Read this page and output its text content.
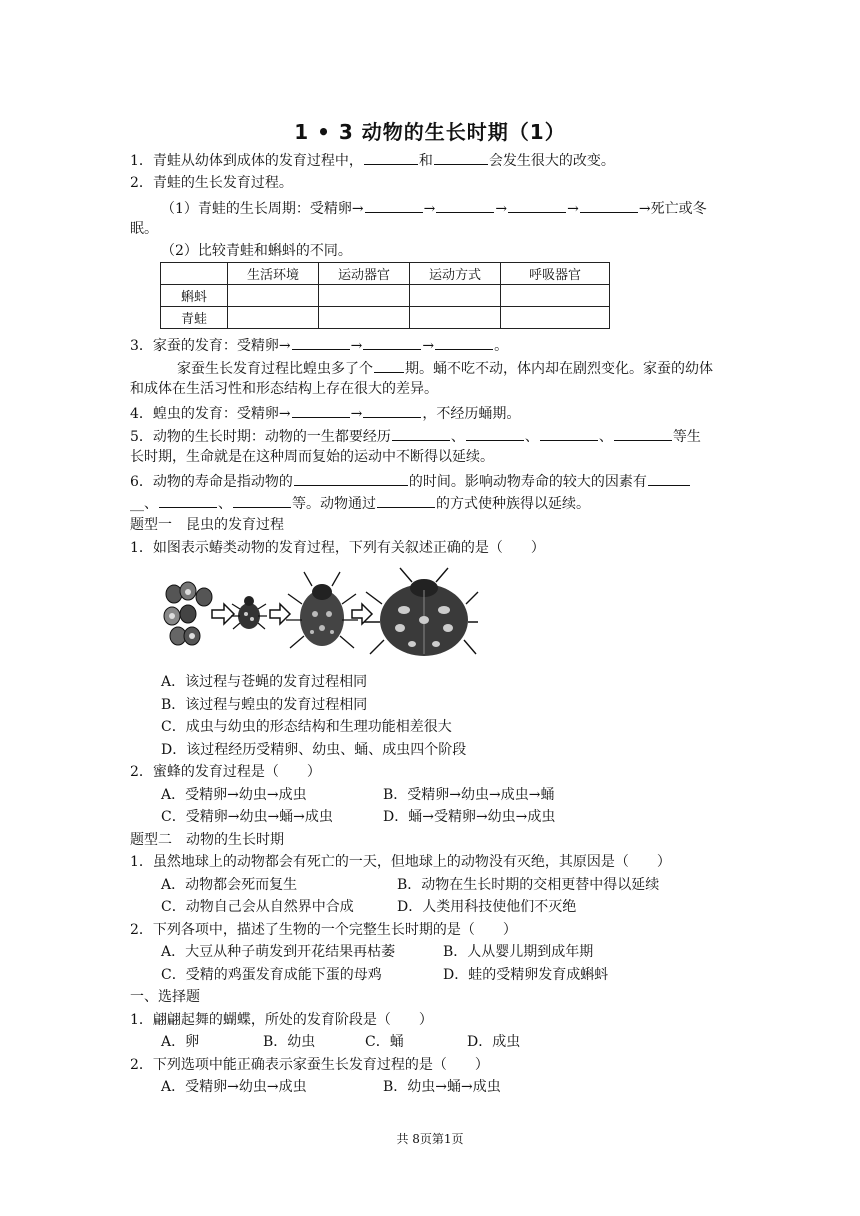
1 • 3 动物的生长时期（1）
1．青蛙从幼体到成体的发育过程中，	和	会发生很大的改变。
2．青蛙的生长发育过程。
（1）青蛙的生长周期：受精卵→	→	→	→	→死亡或冬
眠。
（2）比较青蛙和蝌蚪的不同。
	生活环境	运动器官	运动方式	呼吸器官
蝌蚪				
青蛙				
3．家蚕的发育：受精卵→	→	→	。
家蚕生长发育过程比蝗虫多了个 期。蛹不吃不动，体内却在剧烈变化。家蚕的幼体
和成体在生活习性和形态结构上存在很大的差异。
4．蝗虫的发育：受精卵→	→	，不经历蛹期。
5．动物的生长时期：动物的一生都要经历	、	、	、	等生
长时期，生命就是在这种周而复始的运动中不断得以延续。
6．动物的寿命是指动物的	的时间。影响动物寿命的较大的因素有
__、	、	等。动物通过	的方式使种族得以延续。
题型一　昆虫的发育过程
1．如图表示蝽类动物的发育过程，下列有关叙述正确的是（　　）
A．该过程与苍蝇的发育过程相同
B．该过程与蝗虫的发育过程相同
C．成虫与幼虫的形态结构和生理功能相差很大
D．该过程经历受精卵、幼虫、蛹、成虫四个阶段
2．蜜蜂的发育过程是（　　）
A．受精卵→幼虫→成虫	B．受精卵→幼虫→成虫→蛹
C．受精卵→幼虫→蛹→成虫	D．蛹→受精卵→幼虫→成虫
题型二　动物的生长时期
1．虽然地球上的动物都会有死亡的一天，但地球上的动物没有灭绝，其原因是（　　）
A．动物都会死而复生	B．动物在生长时期的交相更替中得以延续
C．动物自己会从自然界中合成	D．人类用科技使他们不灭绝
2．下列各项中，描述了生物的一个完整生长时期的是（　　）
A．大豆从种子萌发到开花结果再枯萎	B．人从婴儿期到成年期
C．受精的鸡蛋发育成能下蛋的母鸡	D．蛙的受精卵发育成蝌蚪
一、选择题
1．翩翩起舞的蝴蝶，所处的发育阶段是（　　）
A．卵	B．幼虫	C．蛹	D．成虫
2．下列选项中能正确表示家蚕生长发育过程的是（　　）
A．受精卵→幼虫→成虫	B．幼虫→蛹→成虫
共 8页第1页
